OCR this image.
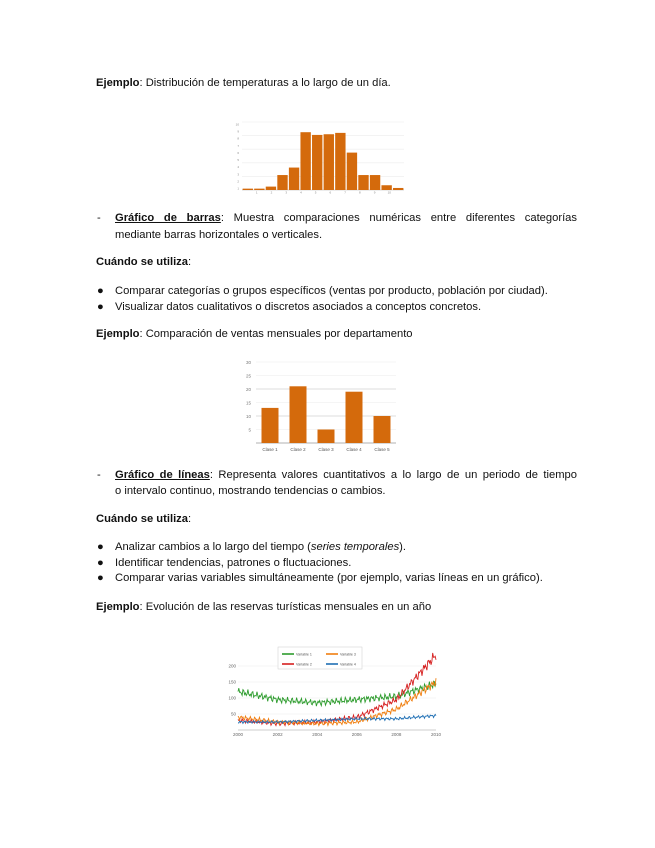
Ejemplo: Distribución de temperaturas a lo largo de un día.
10
9
8
7
6
5
4
3
2
1
1	2	3	4	5	6	7	8	9	10
- Gráfico de barras: Muestra comparaciones numéricas entre diferentes categorías
mediante barras horizontales o verticales.
Cuándo se utiliza:
● Comparar categorías o grupos específicos (ventas por producto, población por ciudad).
● Visualizar datos cualitativos o discretos asociados a conceptos concretos.
Ejemplo: Comparación de ventas mensuales por departamento
30
25
20
15
10
5
Clase 1	Clase 2	Clase 3	Clase 4	Clase 5
- Gráfico de líneas: Representa valores cuantitativos a lo largo de un periodo de tiempo
o intervalo continuo, mostrando tendencias o cambios.
Cuándo se utiliza:
● Analizar cambios a lo largo del tiempo (series temporales).
● Identificar tendencias, patrones o fluctuaciones.
● Comparar varias variables simultáneamente (por ejemplo, varias líneas en un gráfico).
Ejemplo: Evolución de las reservas turísticas mensuales en un año
200
150
100
50
2000	2002	2004	2006	2008	2010
Variable 1	Variable 3
Variable 2	Variable 4
